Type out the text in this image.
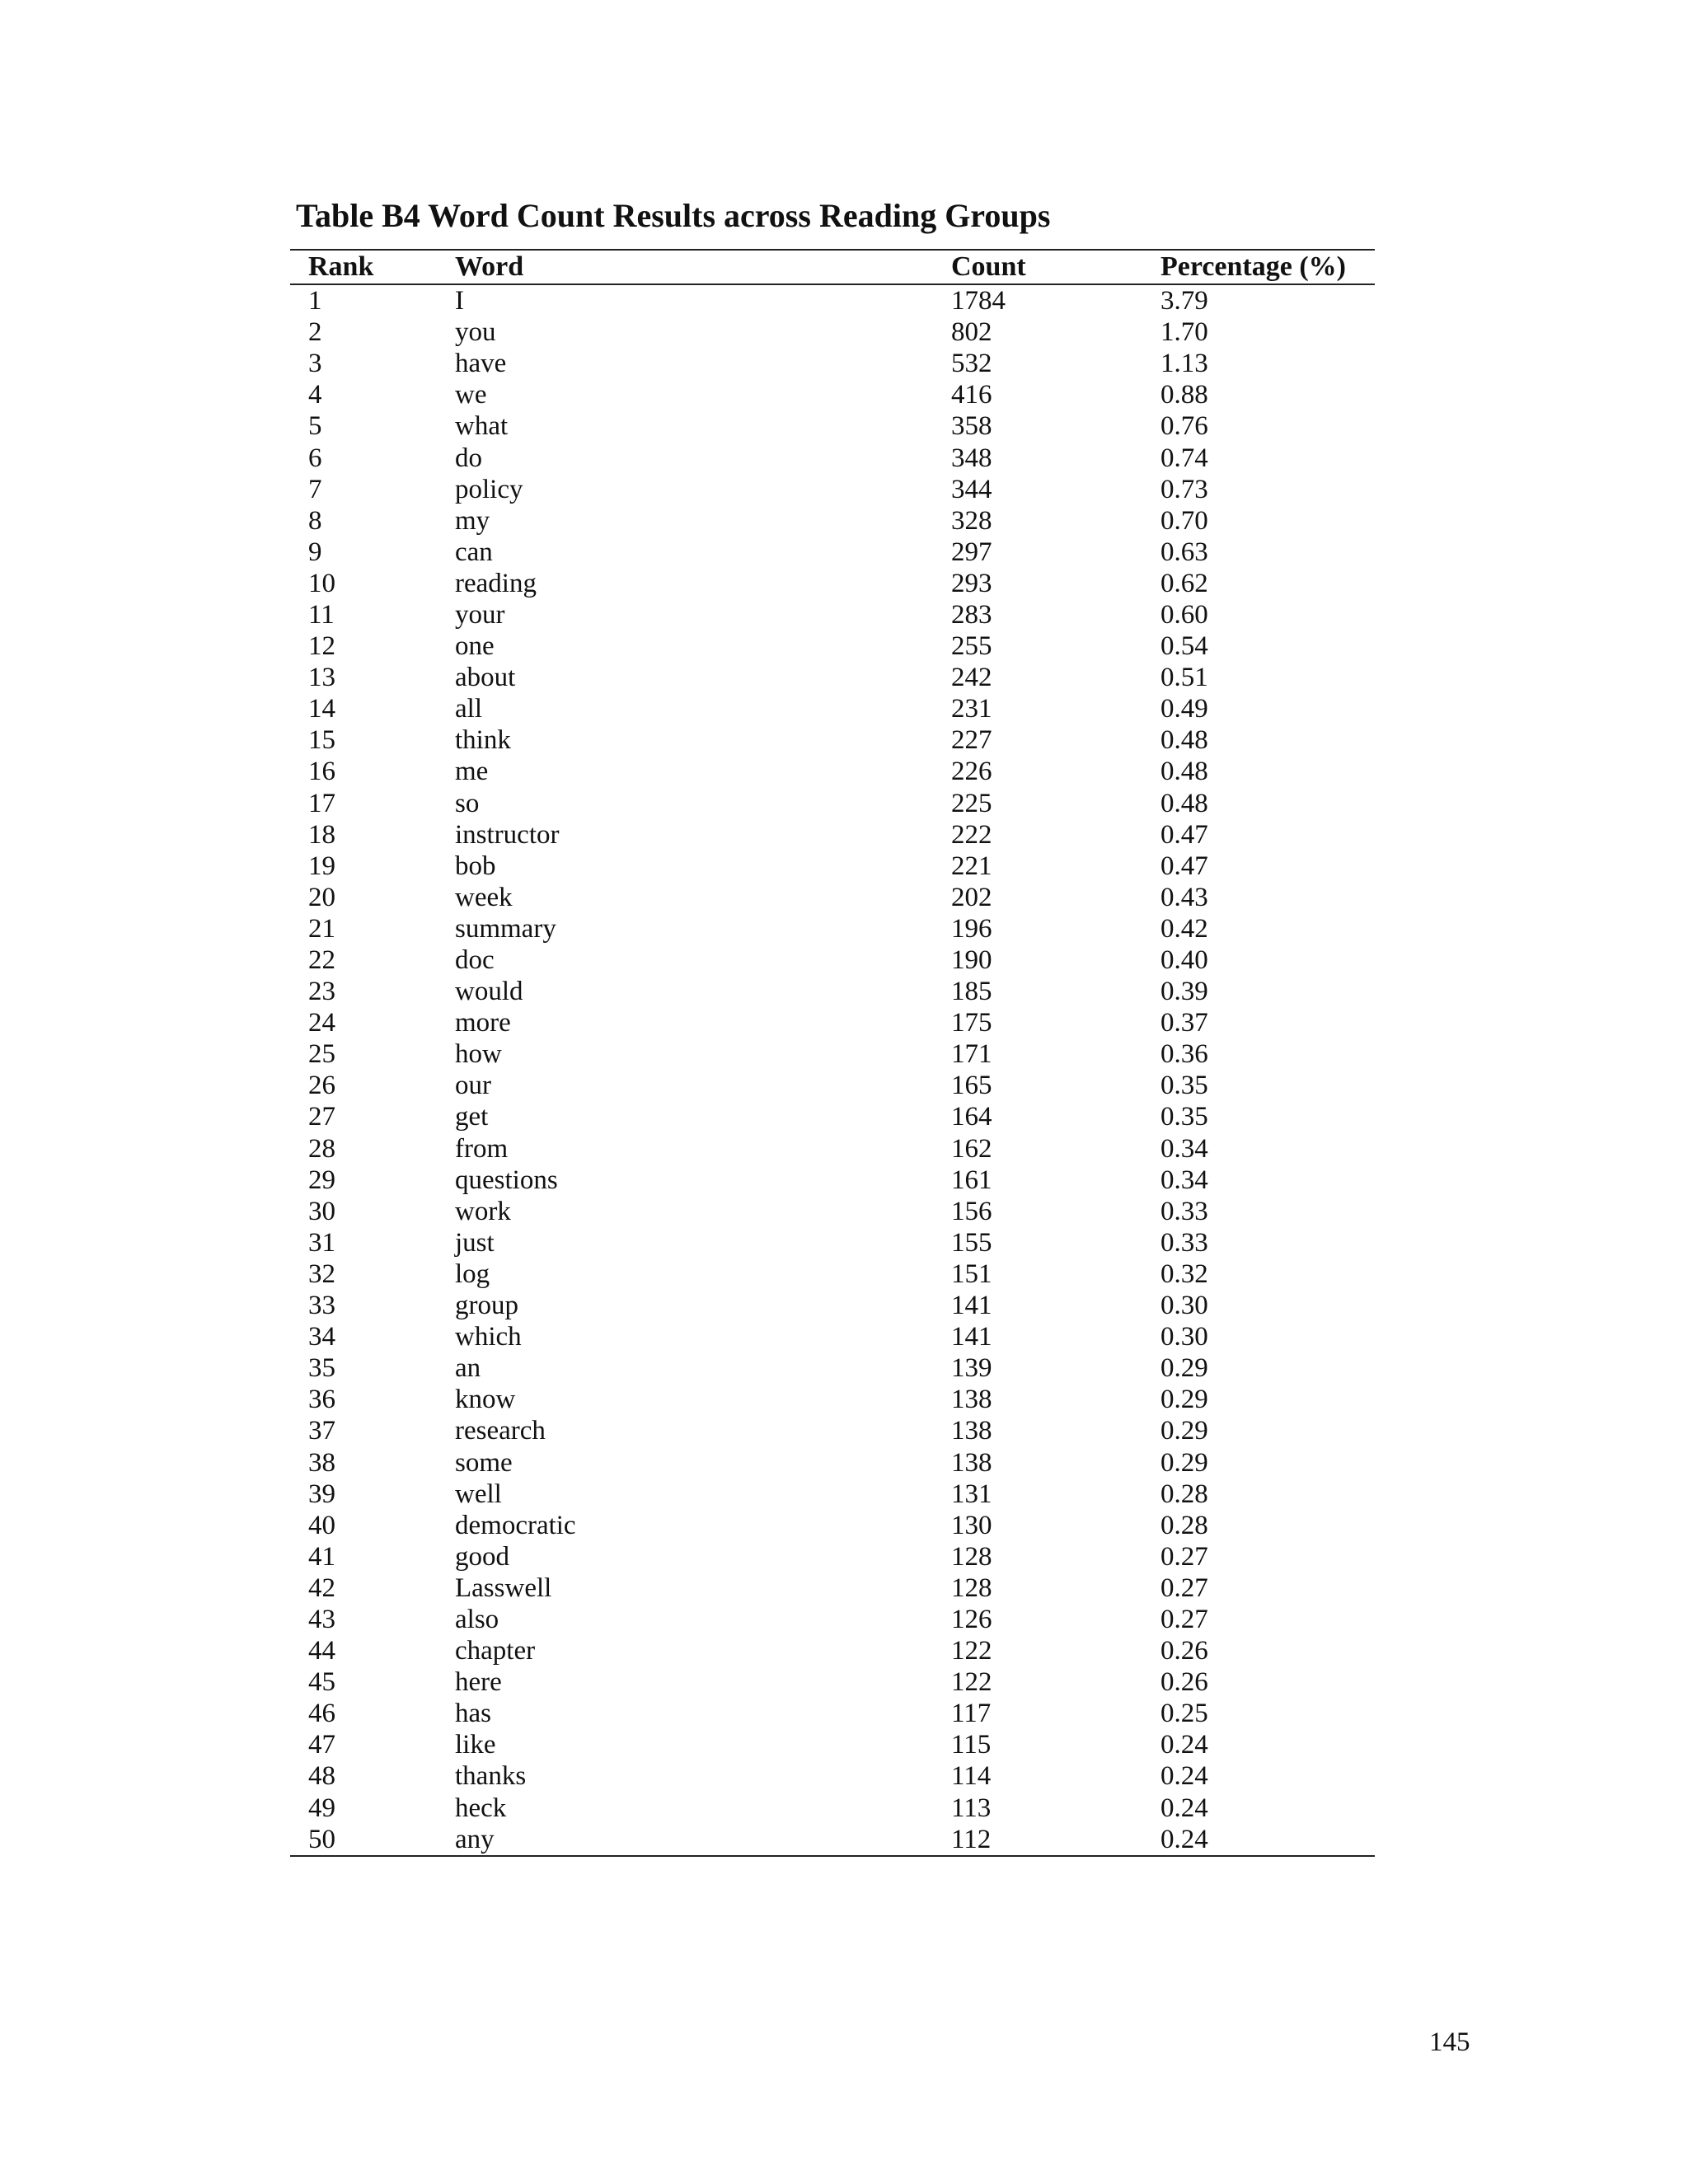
Table B4 Word Count Results across Reading Groups
Rank	Word	Count	Percentage (%)
1	I	1784	3.79
2	you	802	1.70
3	have	532	1.13
4	we	416	0.88
5	what	358	0.76
6	do	348	0.74
7	policy	344	0.73
8	my	328	0.70
9	can	297	0.63
10	reading	293	0.62
11	your	283	0.60
12	one	255	0.54
13	about	242	0.51
14	all	231	0.49
15	think	227	0.48
16	me	226	0.48
17	so	225	0.48
18	instructor	222	0.47
19	bob	221	0.47
20	week	202	0.43
21	summary	196	0.42
22	doc	190	0.40
23	would	185	0.39
24	more	175	0.37
25	how	171	0.36
26	our	165	0.35
27	get	164	0.35
28	from	162	0.34
29	questions	161	0.34
30	work	156	0.33
31	just	155	0.33
32	log	151	0.32
33	group	141	0.30
34	which	141	0.30
35	an	139	0.29
36	know	138	0.29
37	research	138	0.29
38	some	138	0.29
39	well	131	0.28
40	democratic	130	0.28
41	good	128	0.27
42	Lasswell	128	0.27
43	also	126	0.27
44	chapter	122	0.26
45	here	122	0.26
46	has	117	0.25
47	like	115	0.24
48	thanks	114	0.24
49	heck	113	0.24
50	any	112	0.24
145
